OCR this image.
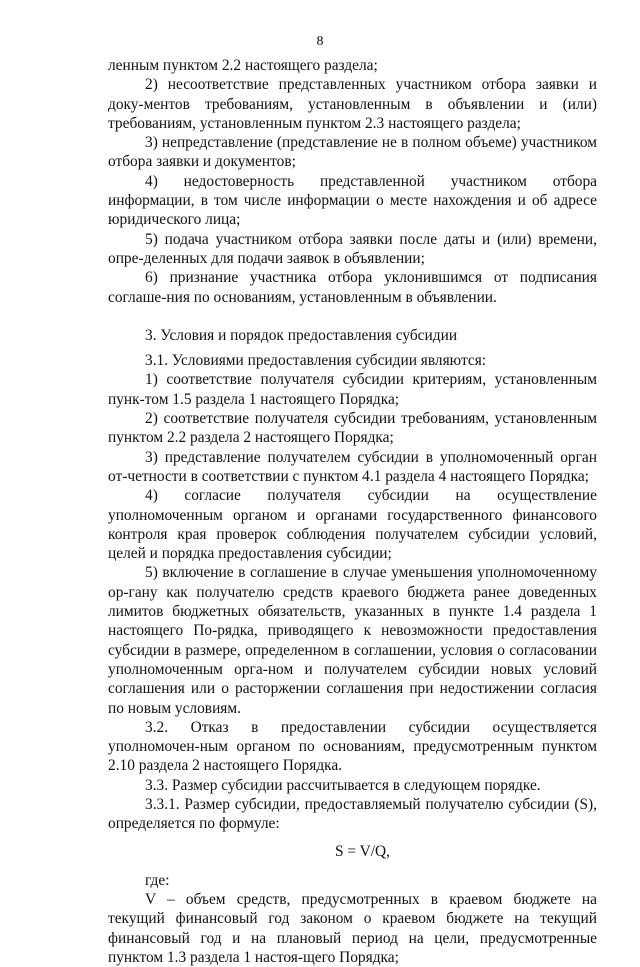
8

ленным пунктом 2.2 настоящего раздела;

2) несоответствие представленных участником отбора заявки и доку-ментов требованиям, установленным в объявлении и (или) требованиям, установленным пунктом 2.3 настоящего раздела;

3) непредставление (представление не в полном объеме) участником отбора заявки и документов;

4) недостоверность представленной участником отбора информации, в том числе информации о месте нахождения и об адресе юридического лица;

5) подача участником отбора заявки после даты и (или) времени, опре-деленных для подачи заявок в объявлении;

6) признание участника отбора уклонившимся от подписания соглаше-ния по основаниям, установленным в объявлении.

3. Условия и порядок предоставления субсидии

3.1. Условиями предоставления субсидии являются:

1) соответствие получателя субсидии критериям, установленным пунк-том 1.5 раздела 1 настоящего Порядка;

2) соответствие получателя субсидии требованиям, установленным пунктом 2.2 раздела 2 настоящего Порядка;

3) представление получателем субсидии в уполномоченный орган от-четности в соответствии с пунктом 4.1 раздела 4 настоящего Порядка;

4) согласие получателя субсидии на осуществление уполномоченным органом и органами государственного финансового контроля края проверок соблюдения получателем субсидии условий, целей и порядка предоставления субсидии;

5) включение в соглашение в случае уменьшения уполномоченному ор-гану как получателю средств краевого бюджета ранее доведенных лимитов бюджетных обязательств, указанных в пункте 1.4 раздела 1 настоящего По-рядка, приводящего к невозможности предоставления субсидии в размере, определенном в соглашении, условия о согласовании уполномоченным орга-ном и получателем субсидии новых условий соглашения или о расторжении соглашения при недостижении согласия по новым условиям.

3.2. Отказ в предоставлении субсидии осуществляется уполномочен-ным органом по основаниям, предусмотренным пунктом 2.10 раздела 2 настоящего Порядка.

3.3. Размер субсидии рассчитывается в следующем порядке.

3.3.1. Размер субсидии, предоставляемый получателю субсидии (S), определяется по формуле:

S = V/Q,

где:

V – объем средств, предусмотренных в краевом бюджете на текущий финансовый год законом о краевом бюджете на текущий финансовый год и на плановый период на цели, предусмотренные пунктом 1.3 раздела 1 настоя-щего Порядка;
